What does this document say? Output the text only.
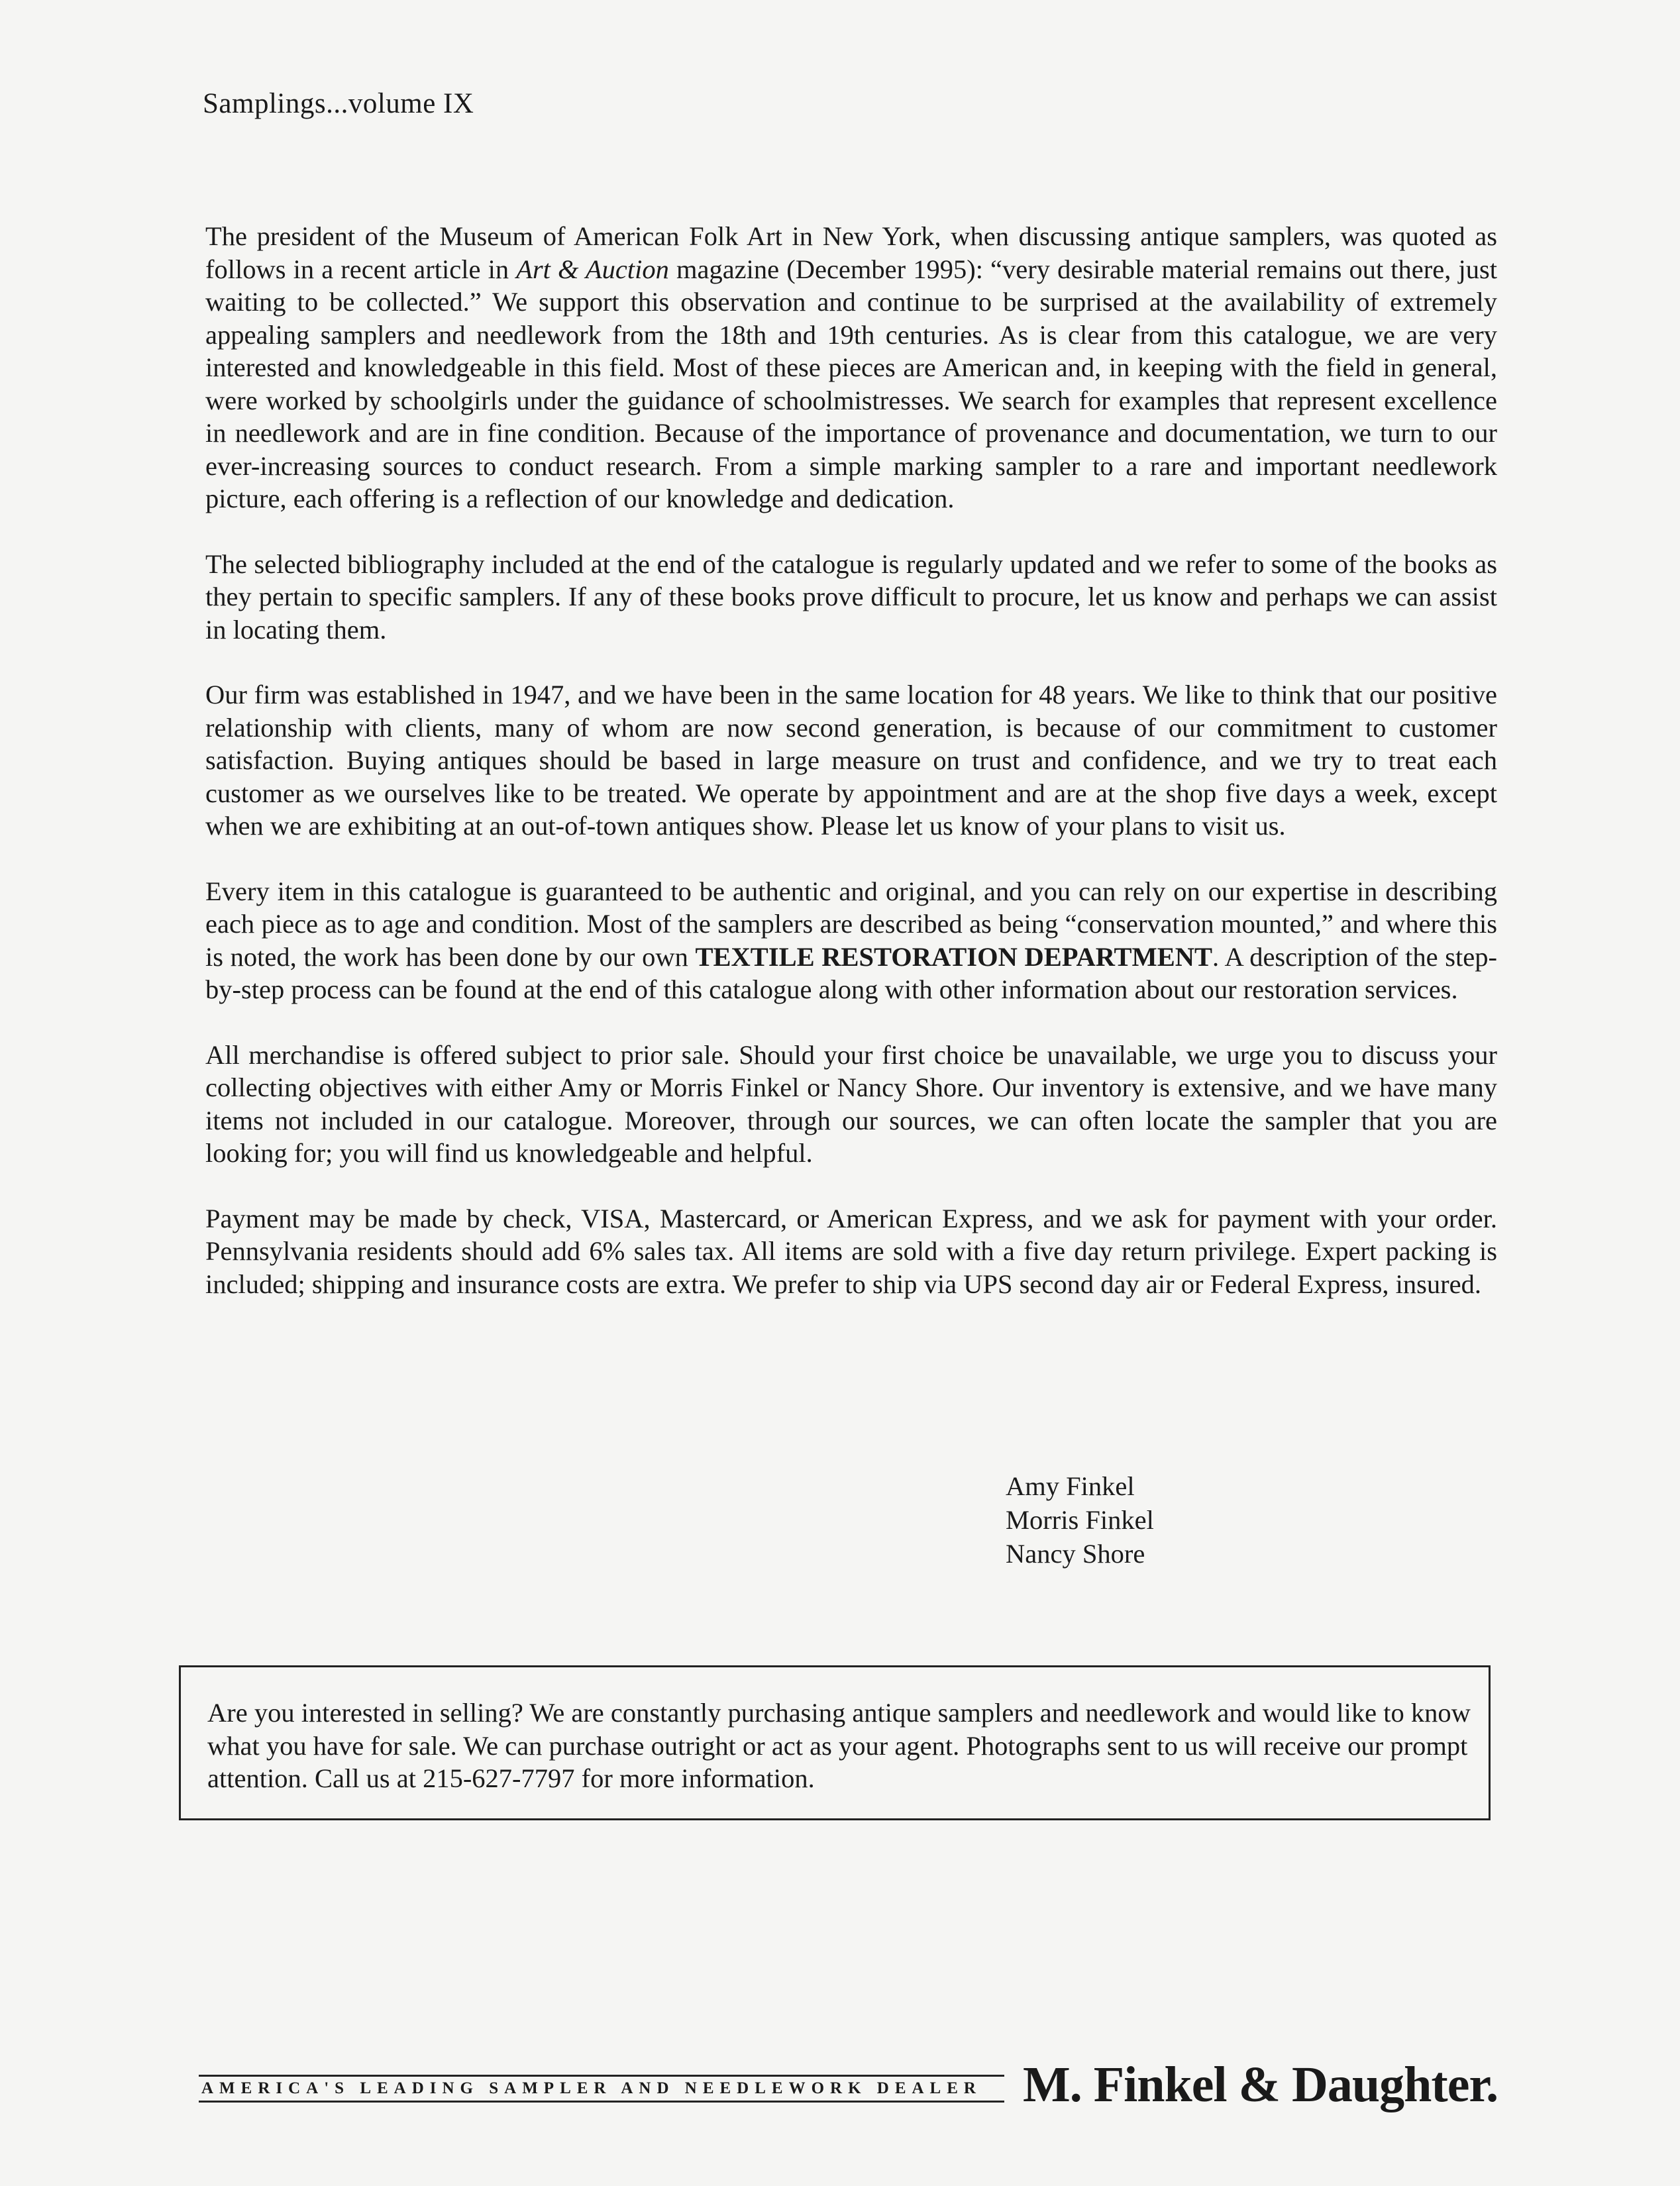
Samplings...volume IX

The president of the Museum of American Folk Art in New York, when discussing antique samplers, was quoted as follows in a recent article in Art & Auction magazine (December 1995): “very desirable material remains out there, just waiting to be collected.” We support this observation and continue to be surprised at the availability of extremely appealing samplers and needlework from the 18th and 19th centuries. As is clear from this catalogue, we are very interested and knowledgeable in this field. Most of these pieces are American and, in keeping with the field in general, were worked by schoolgirls under the guidance of schoolmistresses. We search for examples that represent excellence in needlework and are in fine condition. Because of the importance of provenance and documentation, we turn to our ever-increasing sources to conduct research. From a simple marking sampler to a rare and important needlework picture, each offering is a reflection of our knowledge and dedication.

The selected bibliography included at the end of the catalogue is regularly updated and we refer to some of the books as they pertain to specific samplers. If any of these books prove difficult to procure, let us know and perhaps we can assist in locating them.

Our firm was established in 1947, and we have been in the same location for 48 years. We like to think that our positive relationship with clients, many of whom are now second generation, is because of our commitment to customer satisfaction. Buying antiques should be based in large measure on trust and confidence, and we try to treat each customer as we ourselves like to be treated. We operate by appointment and are at the shop five days a week, except when we are exhibiting at an out-of-town antiques show. Please let us know of your plans to visit us.

Every item in this catalogue is guaranteed to be authentic and original, and you can rely on our expertise in describing each piece as to age and condition. Most of the samplers are described as being “conservation mounted,” and where this is noted, the work has been done by our own TEXTILE RESTORATION DEPARTMENT. A description of the step-by-step process can be found at the end of this catalogue along with other information about our restoration services.

All merchandise is offered subject to prior sale. Should your first choice be unavailable, we urge you to discuss your collecting objectives with either Amy or Morris Finkel or Nancy Shore. Our inventory is extensive, and we have many items not included in our catalogue. Moreover, through our sources, we can often locate the sampler that you are looking for; you will find us knowledgeable and helpful.

Payment may be made by check, VISA, Mastercard, or American Express, and we ask for payment with your order. Pennsylvania residents should add 6% sales tax. All items are sold with a five day return privilege. Expert packing is included; shipping and insurance costs are extra. We prefer to ship via UPS second day air or Federal Express, insured.

Amy Finkel
Morris Finkel
Nancy Shore
Are you interested in selling? We are constantly purchasing antique samplers and needlework and would like to know what you have for sale. We can purchase outright or act as your agent. Photographs sent to us will receive our prompt attention. Call us at 215-627-7797 for more information.
AMERICA'S LEADING SAMPLER AND NEEDLEWORK DEALER M. Finkel & Daughter.
